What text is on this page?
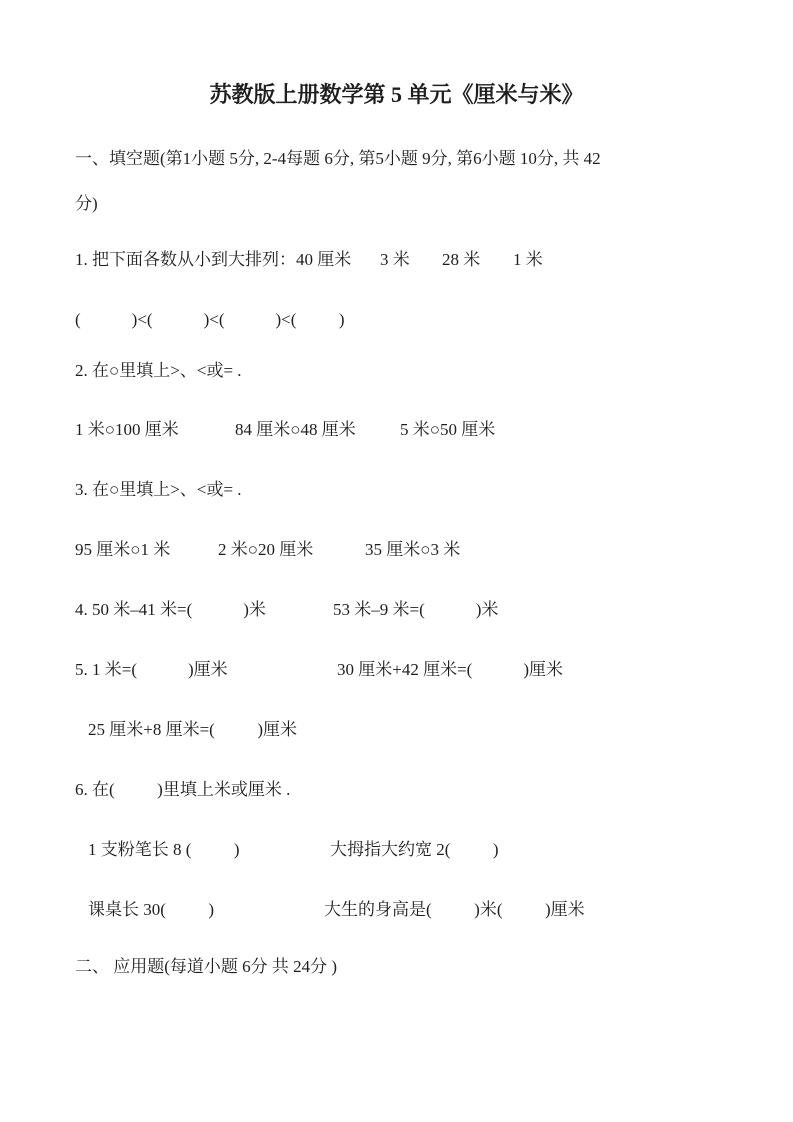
苏教版上册数学第 5 单元《厘米与米》

一、填空题(第1小题 5分, 2-4每题 6分, 第5小题 9分, 第6小题 10分, 共 42

分)

1. 把下面各数从小到大排列：40 厘米

3 米

28 米

1 米

(            )<(            )<(            )<(          )

2. 在○里填上>、<或= .

1 米○100 厘米

	84 厘米○48 厘米

	5 米○50 厘米

3. 在○里填上>、<或= .

95 厘米○1 米

	2 米○20 厘米

	35 厘米○3 米

4. 50 米–41 米=(            )米

	53 米–9 米=(            )米

5. 1 米=(            )厘米

	30 厘米+42 厘米=(            )厘米

25 厘米+8 厘米=(          )厘米

6. 在(          )里填上米或厘米 .

1 支粉笔长 8 (          )

	大拇指大约宽 2(          )

课桌长 30(          )

	大生的身高是(          )米(          )厘米

二、 应用题(每道小题 6分 共 24分 )
